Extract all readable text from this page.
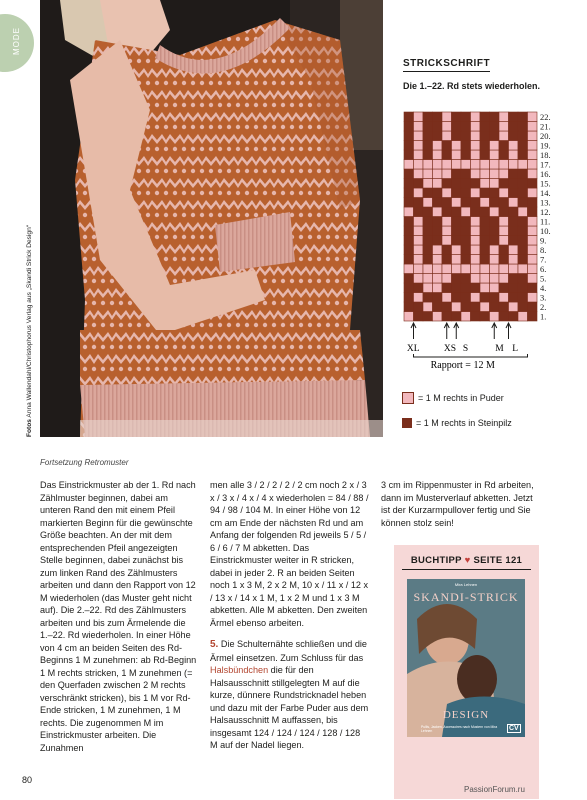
MODE
Fotos Anna Wallendahl/Christophorus Verlag aus „Skandi Strick Design“
Fortsetzung Retromuster
STRICKSCHRIFT
Die 1.–22. Rd stets wiederholen.
1.
2.
3.
4.
5.
6.
7.
8.
9.
10.
11.
12.
13.
14.
15.
16.
17.
18.
19.
20.
21.
22.
XL	XS S	M L
Rapport = 12 M
= 1 M rechts in Puder
= 1 M rechts in Steinpilz

Das Einstrickmuster ab der 1. Rd nach Zählmuster beginnen, dabei am unteren Rand den mit einem Pfeil markierten Beginn für die gewünschte Größe beachten. An der mit dem entsprechenden Pfeil angezeigten Stelle beginnen, dabei zunächst bis zum linken Rand des Zählmusters arbeiten und dann den Rapport von 12 M wiederholen (das Muster geht nicht auf). Die 2.–22. Rd des Zählmusters arbeiten und bis zum Ärmelende die 1.–22. Rd wiederholen. In einer Höhe von 4 cm an beiden Seiten des Rd-Beginns 1 M zunehmen: ab Rd-Beginn 1 M rechts stricken, 1 M zunehmen (= den Querfaden zwischen 2 M rechts verschränkt stricken), bis 1 M vor Rd-Ende stricken, 1 M zunehmen, 1 M rechts. Die zugenommen M im Einstrickmuster arbeiten. Die Zunahmen

men alle 3 / 2 / 2 / 2 / 2 cm noch 2 x / 3 x / 3 x / 4 x / 4 x wiederholen = 84 / 88 / 94 / 98 / 104 M. In einer Höhe von 12 cm am Ende der nächsten Rd und am Anfang der folgenden Rd jeweils 5 / 5 / 6 / 6 / 7 M abketten. Das Einstrickmuster weiter in R stricken, dabei in jeder 2. R an beiden Seiten noch 1 x 3 M, 2 x 2 M, 10 x / 11 x / 12 x / 13 x / 14 x 1 M, 1 x 2 M und 1 x 3 M abketten. Alle M abketten. Den zweiten Ärmel ebenso arbeiten.

5. Die Schulternähte schließen und die Ärmel einsetzen. Zum Schluss für das Halsbündchen die für den Halsausschnitt stillgelegten M auf die kurze, dünnere Rundstricknadel heben und dazu mit der Farbe Puder aus dem Halsausschnitt M auffassen, bis insgesamt 124 / 124 / 124 / 128 / 128 M auf der Nadel liegen.

3 cm im Rippenmuster in Rd arbeiten, dann im Musterverlauf abketten. Jetzt ist der Kurzarmpullover fertig und Sie können stolz sein!

BUCHTIPP ♥ SEITE 121
Mira Lehnen
SKANDI-STRICK
DESIGN
Pullis, Jacken, Accessoires nach Mustern von Mira Lehnen	CV
80
PassionForum.ru
